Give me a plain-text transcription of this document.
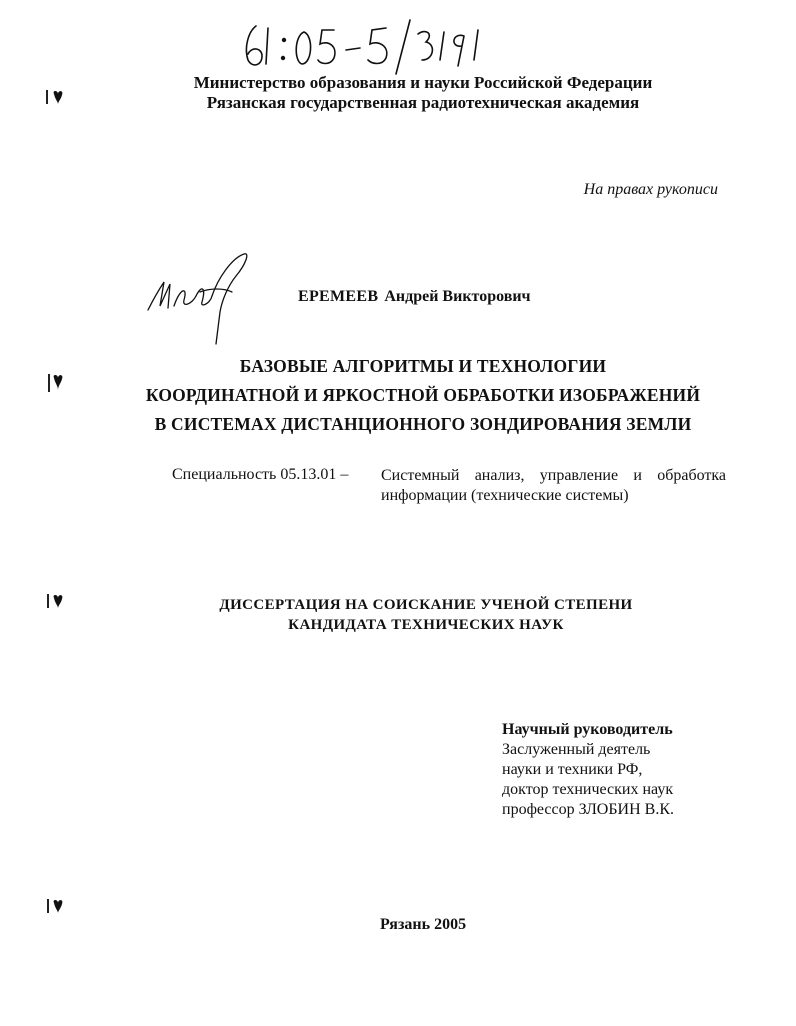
Министерство образования и науки Российской Федерации
Рязанская государственная радиотехническая академия
На правах рукописи
ЕРЕМЕЕВ Андрей Викторович
БАЗОВЫЕ АЛГОРИТМЫ И ТЕХНОЛОГИИ
КООРДИНАТНОЙ И ЯРКОСТНОЙ ОБРАБОТКИ ИЗОБРАЖЕНИЙ
В СИСТЕМАХ ДИСТАНЦИОННОГО ЗОНДИРОВАНИЯ ЗЕМЛИ
Специальность 05.13.01 – Системный анализ, управление и обработка информации (технические системы)
ДИССЕРТАЦИЯ НА СОИСКАНИЕ УЧЕНОЙ СТЕПЕНИ
КАНДИДАТА ТЕХНИЧЕСКИХ НАУК
Научный руководитель
Заслуженный деятель
науки и техники РФ,
доктор технических наук
профессор ЗЛОБИН В.К.
Рязань 2005
